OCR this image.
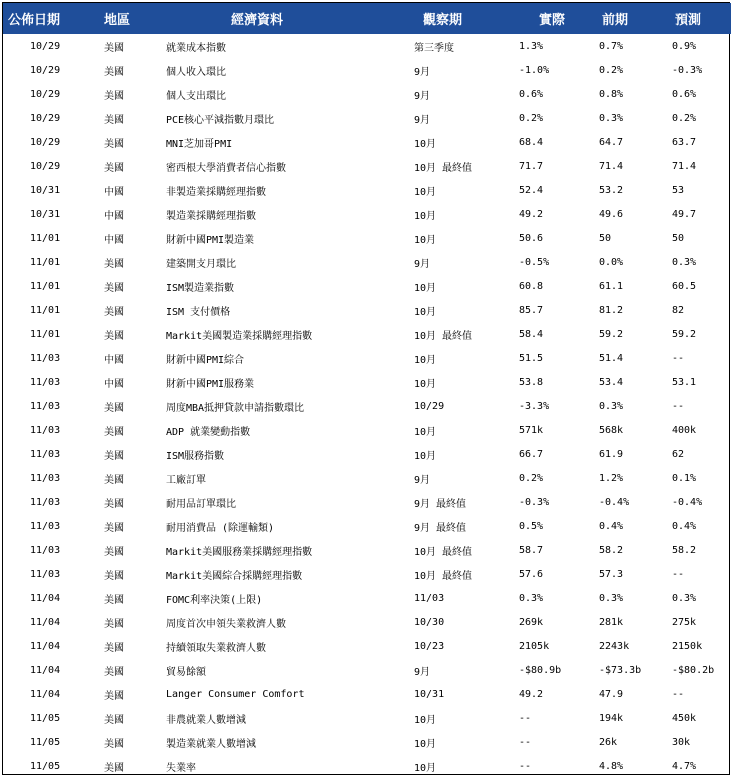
公佈日期	地區	經濟資料	觀察期	實際	前期	預測
10/29	美國	就業成本指數	第三季度	1.3%	0.7%	0.9%
10/29	美國	個人收入環比	9月	-1.0%	0.2%	-0.3%
10/29	美國	個人支出環比	9月	0.6%	0.8%	0.6%
10/29	美國	PCE核心平減指數月環比	9月	0.2%	0.3%	0.2%
10/29	美國	MNI芝加哥PMI	10月	68.4	64.7	63.7
10/29	美國	密西根大學消費者信心指數	10月 最終值	71.7	71.4	71.4
10/31	中國	非製造業採購經理指數	10月	52.4	53.2	53
10/31	中國	製造業採購經理指數	10月	49.2	49.6	49.7
11/01	中國	財新中國PMI製造業	10月	50.6	50	50
11/01	美國	建築開支月環比	9月	-0.5%	0.0%	0.3%
11/01	美國	ISM製造業指數	10月	60.8	61.1	60.5
11/01	美國	ISM 支付價格	10月	85.7	81.2	82
11/01	美國	Markit美國製造業採購經理指數	10月 最終值	58.4	59.2	59.2
11/03	中國	財新中國PMI綜合	10月	51.5	51.4	--
11/03	中國	財新中國PMI服務業	10月	53.8	53.4	53.1
11/03	美國	周度MBA抵押貸款申請指數環比	10/29	-3.3%	0.3%	--
11/03	美國	ADP 就業變動指數	10月	571k	568k	400k
11/03	美國	ISM服務指數	10月	66.7	61.9	62
11/03	美國	工廠訂單	9月	0.2%	1.2%	0.1%
11/03	美國	耐用品訂單環比	9月 最終值	-0.3%	-0.4%	-0.4%
11/03	美國	耐用消費品 (除運輸類)	9月 最終值	0.5%	0.4%	0.4%
11/03	美國	Markit美國服務業採購經理指數	10月 最終值	58.7	58.2	58.2
11/03	美國	Markit美國綜合採購經理指數	10月 最終值	57.6	57.3	--
11/04	美國	FOMC利率決策(上限)	11/03	0.3%	0.3%	0.3%
11/04	美國	周度首次申領失業救濟人數	10/30	269k	281k	275k
11/04	美國	持續領取失業救濟人數	10/23	2105k	2243k	2150k
11/04	美國	貿易餘額	9月	-$80.9b	-$73.3b	-$80.2b
11/04	美國	Langer Consumer Comfort	10/31	49.2	47.9	--
11/05	美國	非農就業人數增減	10月	--	194k	450k
11/05	美國	製造業就業人數增減	10月	--	26k	30k
11/05	美國	失業率	10月	--	4.8%	4.7%
